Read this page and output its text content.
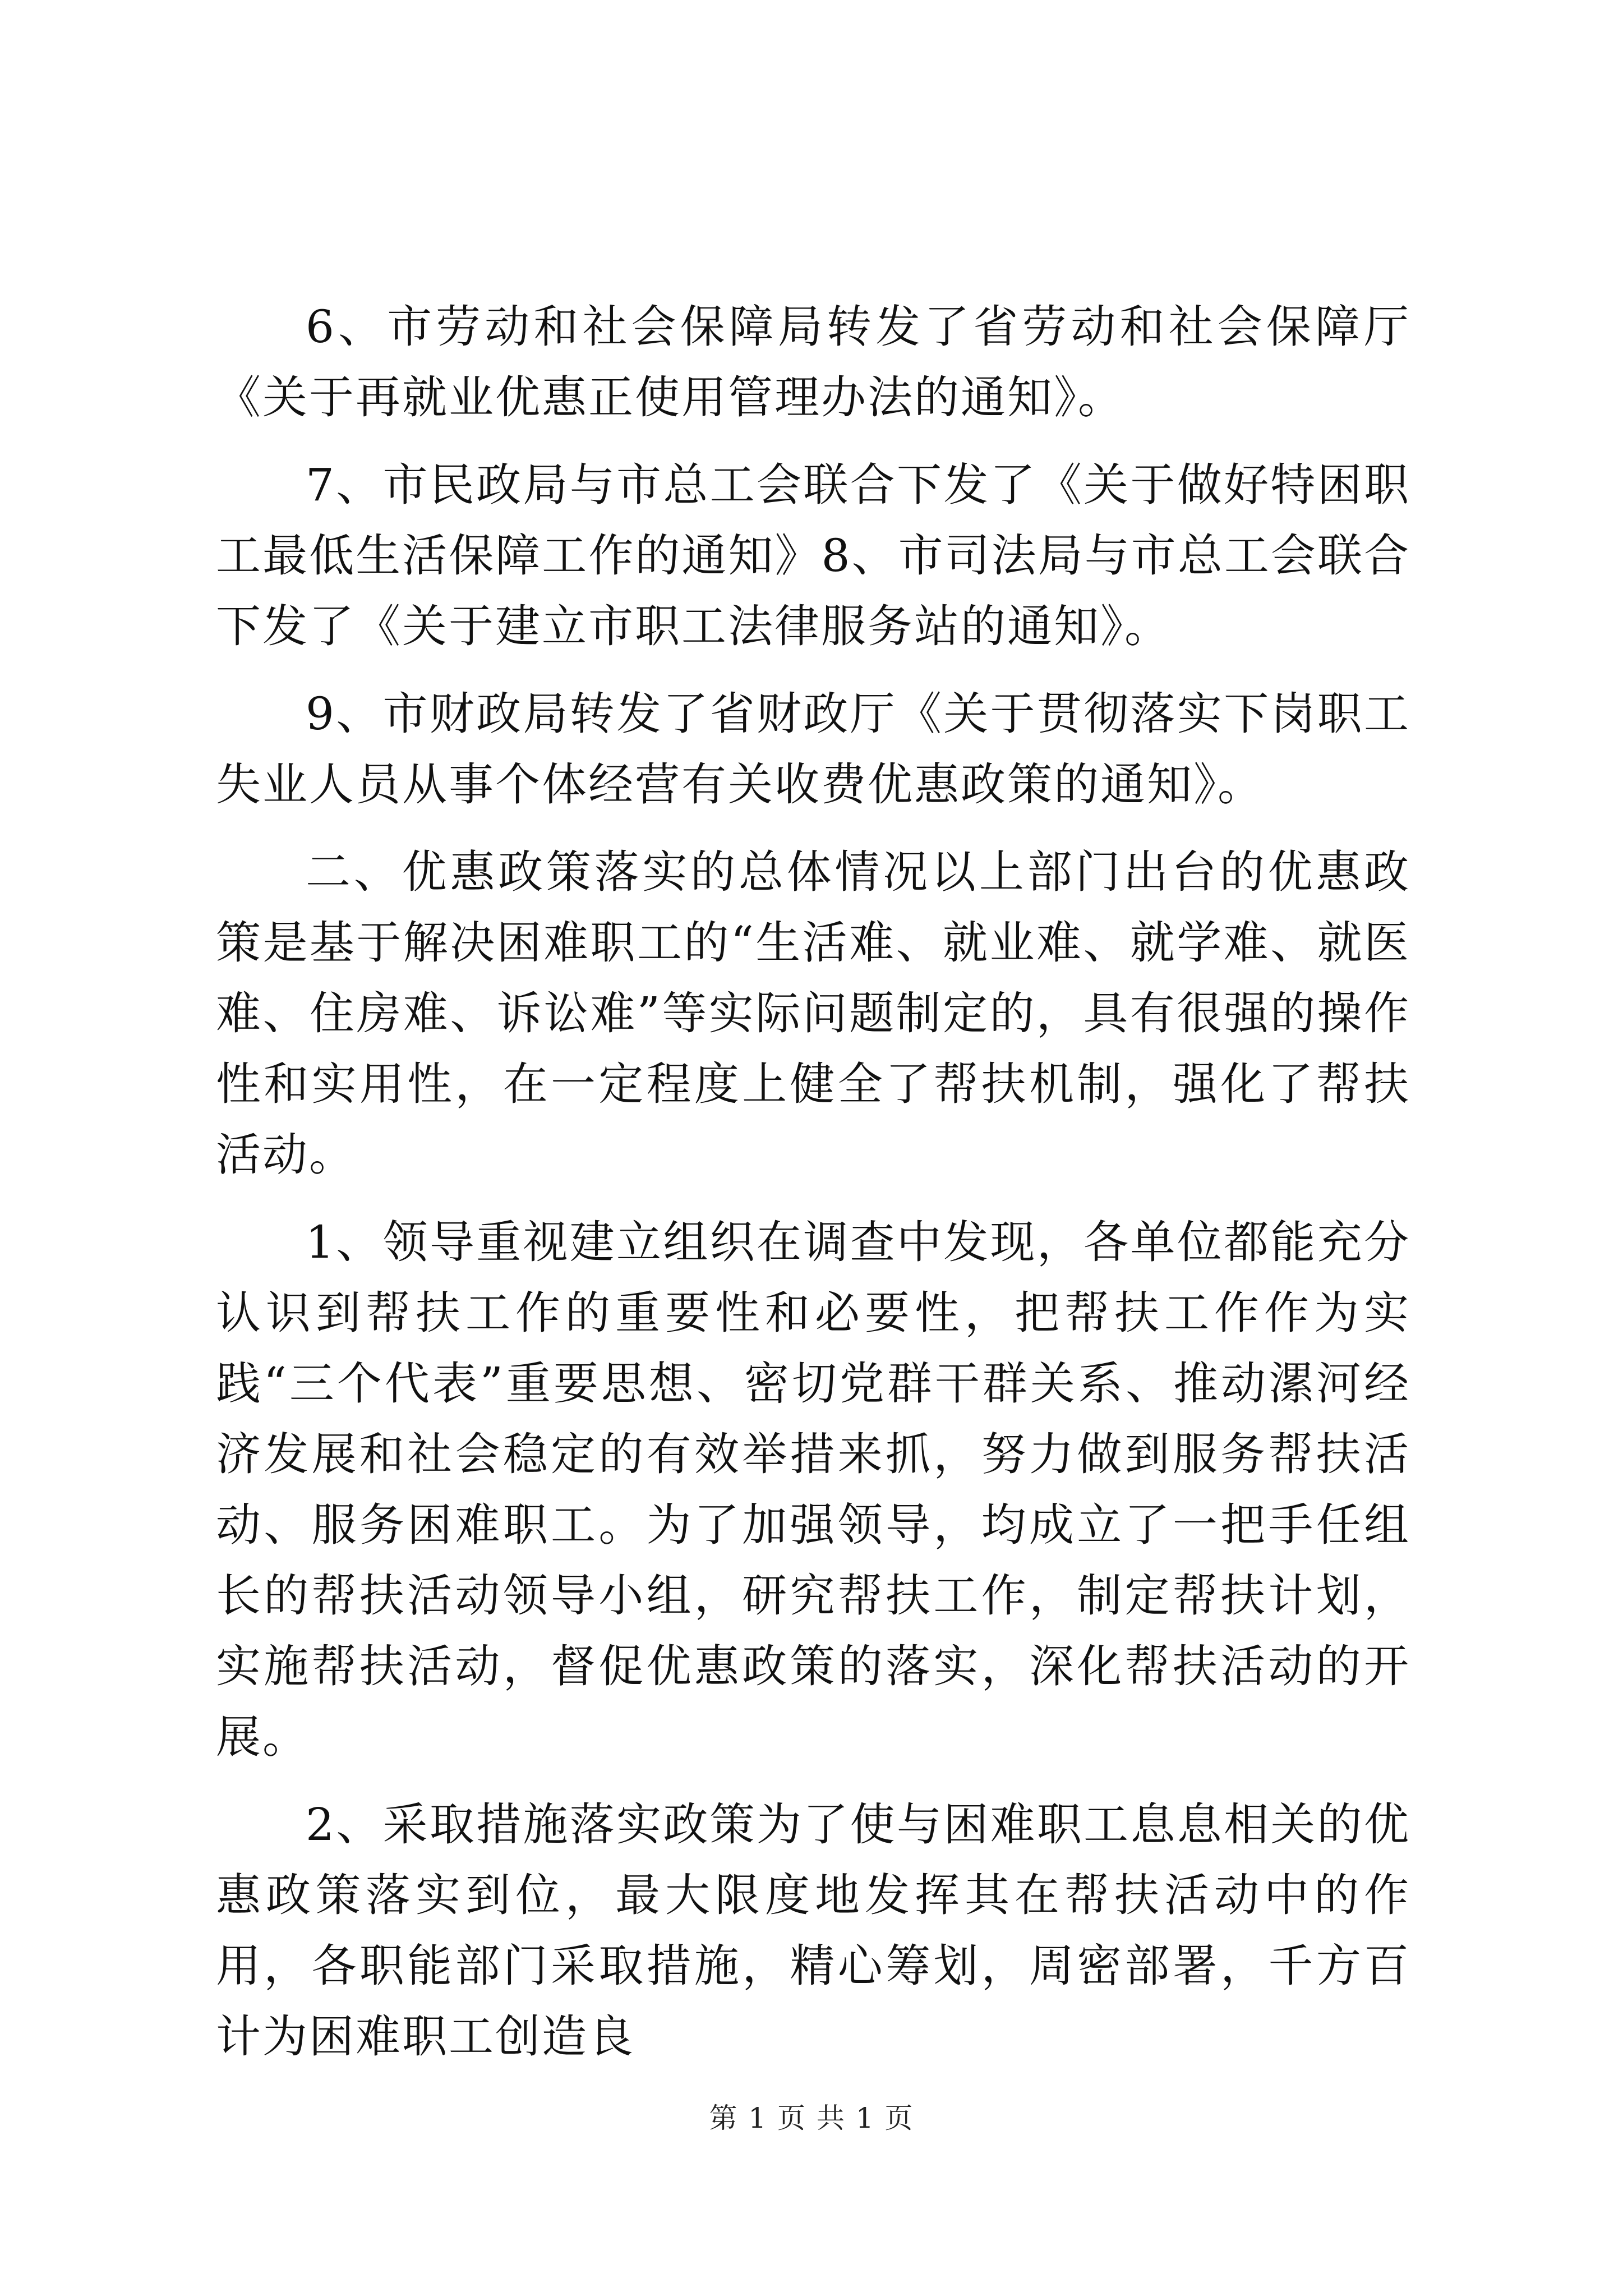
6、市劳动和社会保障局转发了省劳动和社会保障厅《关于再就业优惠正使用管理办法的通知》。

7、市民政局与市总工会联合下发了《关于做好特困职工最低生活保障工作的通知》8、市司法局与市总工会联合下发了《关于建立市职工法律服务站的通知》。

9、市财政局转发了省财政厅《关于贯彻落实下岗职工失业人员从事个体经营有关收费优惠政策的通知》。

二、优惠政策落实的总体情况以上部门出台的优惠政策是基于解决困难职工的“生活难、就业难、就学难、就医难、住房难、诉讼难”等实际问题制定的，具有很强的操作性和实用性，在一定程度上健全了帮扶机制，强化了帮扶活动。

1、领导重视建立组织在调查中发现，各单位都能充分认识到帮扶工作的重要性和必要性，把帮扶工作作为实践“三个代表”重要思想、密切党群干群关系、推动漯河经济发展和社会稳定的有效举措来抓，努力做到服务帮扶活动、服务困难职工。为了加强领导，均成立了一把手任组长的帮扶活动领导小组，研究帮扶工作，制定帮扶计划，实施帮扶活动，督促优惠政策的落实，深化帮扶活动的开展。

2、采取措施落实政策为了使与困难职工息息相关的优惠政策落实到位，最大限度地发挥其在帮扶活动中的作用，各职能部门采取措施，精心筹划，周密部署，千方百计为困难职工创造良

第 1 页 共 1 页
